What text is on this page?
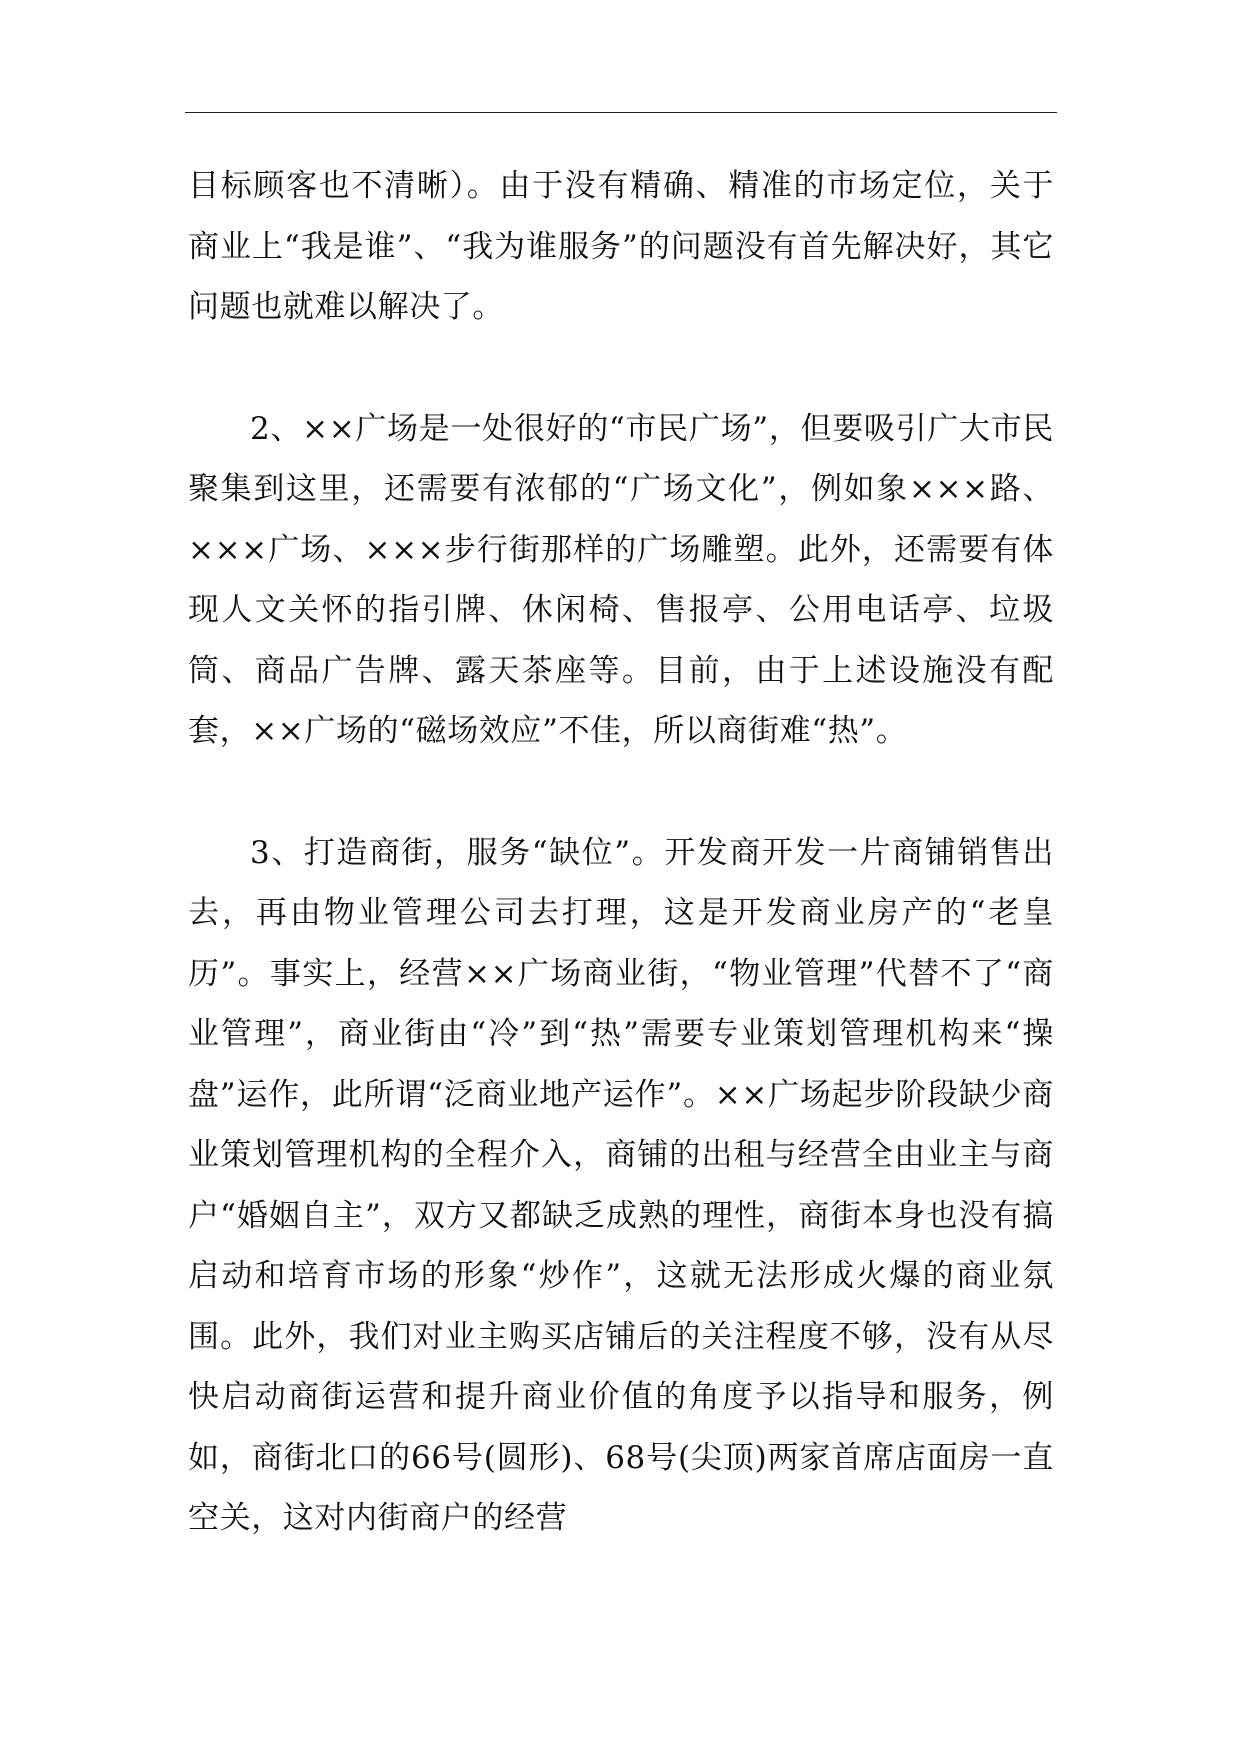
目标顾客也不清晰）。由于没有精确、精准的市场定位，关于商业上“我是谁”、“我为谁服务”的问题没有首先解决好，其它问题也就难以解决了。

2、××广场是一处很好的“市民广场”，但要吸引广大市民聚集到这里，还需要有浓郁的“广场文化”，例如象×××路、×××广场、×××步行街那样的广场雕塑。此外，还需要有体现人文关怀的指引牌、休闲椅、售报亭、公用电话亭、垃圾筒、商品广告牌、露天茶座等。目前，由于上述设施没有配套，××广场的“磁场效应”不佳，所以商街难“热”。

3、打造商街，服务“缺位”。开发商开发一片商铺销售出去，再由物业管理公司去打理，这是开发商业房产的“老皇历”。事实上，经营××广场商业街，“物业管理”代替不了“商业管理”，商业街由“冷”到“热”需要专业策划管理机构来“操盘”运作，此所谓“泛商业地产运作”。××广场起步阶段缺少商业策划管理机构的全程介入，商铺的出租与经营全由业主与商户“婚姻自主”，双方又都缺乏成熟的理性，商街本身也没有搞启动和培育市场的形象“炒作”，这就无法形成火爆的商业氛围。此外，我们对业主购买店铺后的关注程度不够，没有从尽快启动商街运营和提升商业价值的角度予以指导和服务，例如，商街北口的66号(圆形)、68号(尖顶)两家首席店面房一直空关，这对内街商户的经营
